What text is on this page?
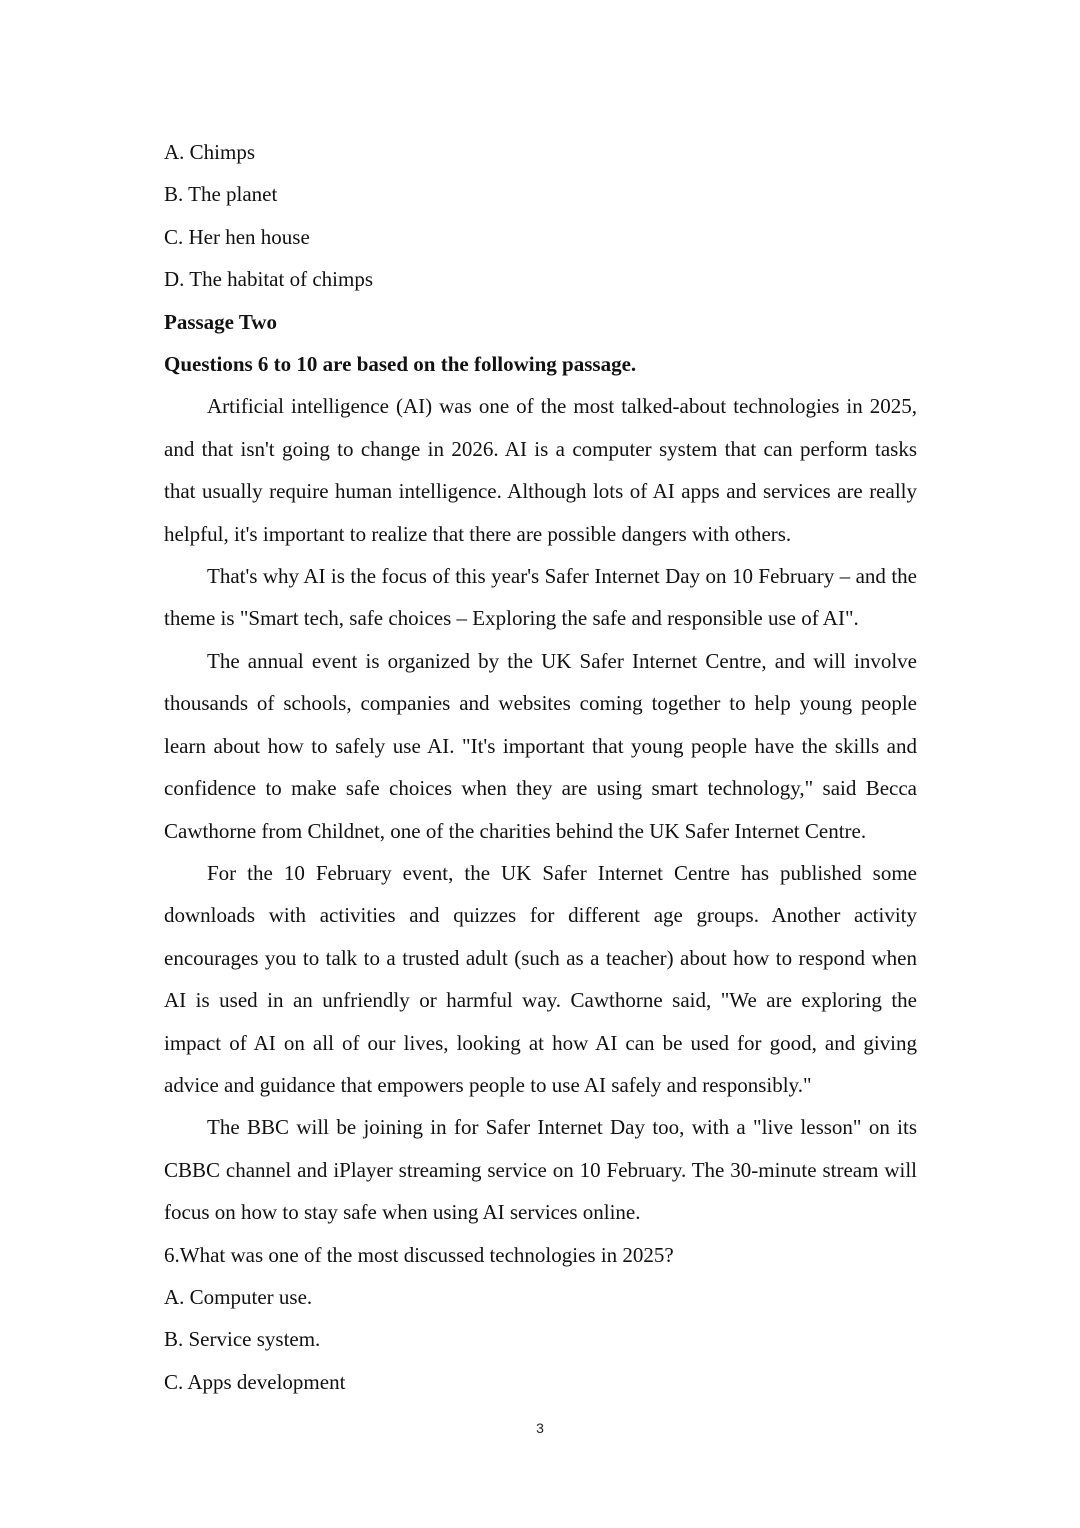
A. Chimps

B. The planet

C. Her hen house

D. The habitat of chimps

Passage Two

Questions 6 to 10 are based on the following passage.

Artificial intelligence (AI) was one of the most talked-about technologies in 2025, and that isn't going to change in 2026. AI is a computer system that can perform tasks that usually require human intelligence. Although lots of AI apps and services are really helpful, it's important to realize that there are possible dangers with others.

That's why AI is the focus of this year's Safer Internet Day on 10 February – and the theme is "Smart tech, safe choices – Exploring the safe and responsible use of AI".

The annual event is organized by the UK Safer Internet Centre, and will involve thousands of schools, companies and websites coming together to help young people learn about how to safely use AI. "It's important that young people have the skills and confidence to make safe choices when they are using smart technology," said Becca Cawthorne from Childnet, one of the charities behind the UK Safer Internet Centre.

For the 10 February event, the UK Safer Internet Centre has published some downloads with activities and quizzes for different age groups. Another activity encourages you to talk to a trusted adult (such as a teacher) about how to respond when AI is used in an unfriendly or harmful way. Cawthorne said, "We are exploring the impact of AI on all of our lives, looking at how AI can be used for good, and giving advice and guidance that empowers people to use AI safely and responsibly."

The BBC will be joining in for Safer Internet Day too, with a "live lesson" on its CBBC channel and iPlayer streaming service on 10 February. The 30-minute stream will focus on how to stay safe when using AI services online.

6.What was one of the most discussed technologies in 2025?

A. Computer use.

B. Service system.

C. Apps development

3
